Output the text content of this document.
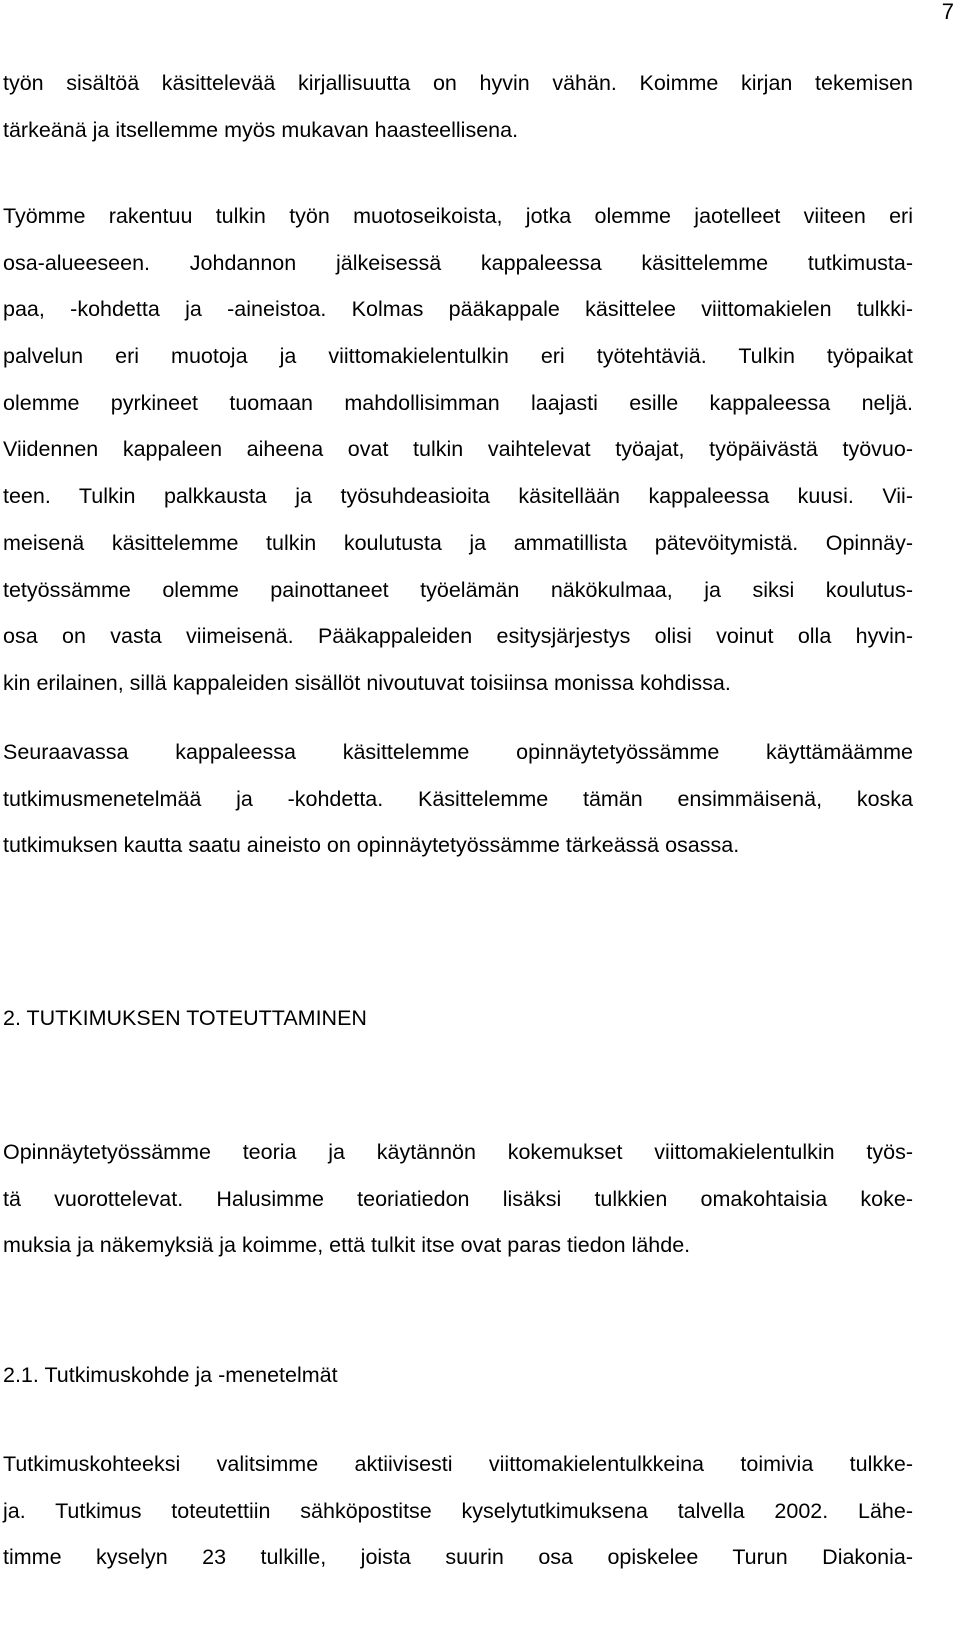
7
työn sisältöä käsittelevää kirjallisuutta on hyvin vähän. Koimme kirjan tekemisen
tärkeänä ja itsellemme myös mukavan haasteellisena.
Työmme rakentuu tulkin työn muotoseikoista, jotka olemme jaotelleet viiteen eri
osa-alueeseen. Johdannon jälkeisessä kappaleessa käsittelemme tutkimusta-
paa, -kohdetta ja -aineistoa. Kolmas pääkappale käsittelee viittomakielen tulkki-
palvelun eri muotoja ja viittomakielentulkin eri työtehtäviä. Tulkin työpaikat
olemme pyrkineet tuomaan mahdollisimman laajasti esille kappaleessa neljä.
Viidennen kappaleen aiheena ovat tulkin vaihtelevat työajat, työpäivästä työvuo-
teen. Tulkin palkkausta ja työsuhdeasioita käsitellään kappaleessa kuusi. Vii-
meisenä käsittelemme tulkin koulutusta ja ammatillista pätevöitymistä. Opinnäy-
tetyössämme olemme painottaneet työelämän näkökulmaa, ja siksi koulutus-
osa on vasta viimeisenä. Pääkappaleiden esitysjärjestys olisi voinut olla hyvin-
kin erilainen, sillä kappaleiden sisällöt nivoutuvat toisiinsa monissa kohdissa.
Seuraavassa kappaleessa käsittelemme opinnäytetyössämme käyttämäämme
tutkimusmenetelmää ja -kohdetta. Käsittelemme tämän ensimmäisenä, koska
tutkimuksen kautta saatu aineisto on opinnäytetyössämme tärkeässä osassa.
2. TUTKIMUKSEN TOTEUTTAMINEN
Opinnäytetyössämme teoria ja käytännön kokemukset viittomakielentulkin työs-
tä vuorottelevat. Halusimme teoriatiedon lisäksi tulkkien omakohtaisia koke-
muksia ja näkemyksiä ja koimme, että tulkit itse ovat paras tiedon lähde.
2.1. Tutkimuskohde ja -menetelmät
Tutkimuskohteeksi valitsimme aktiivisesti viittomakielentulkkeina toimivia tulkke-
ja. Tutkimus toteutettiin sähköpostitse kyselytutkimuksena talvella 2002. Lähe-
timme kyselyn 23 tulkille, joista suurin osa opiskelee Turun Diakonia-
